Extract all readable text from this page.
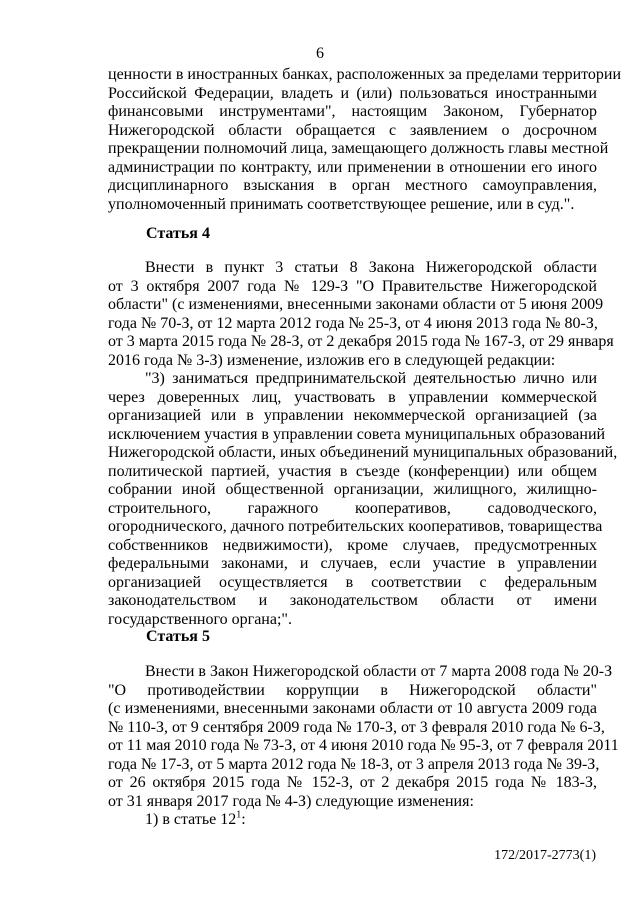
6
ценности в иностранных банках, расположенных за пределами территории
Российской Федерации, владеть и (или) пользоваться иностранными
финансовыми инструментами", настоящим Законом, Губернатор
Нижегородской области обращается с заявлением о досрочном
прекращении полномочий лица, замещающего должность главы местной
администрации по контракту, или применении в отношении его иного
дисциплинарного взыскания в орган местного самоуправления,
уполномоченный принимать соответствующее решение, или в суд.".
Статья 4
Внести в пункт 3 статьи 8 Закона Нижегородской области
от 3 октября 2007 года № 129-З "О Правительстве Нижегородской
области" (с изменениями, внесенными законами области от 5 июня 2009
года № 70-З, от 12 марта 2012 года № 25-З, от 4 июня 2013 года № 80-З,
от 3 марта 2015 года № 28-З, от 2 декабря 2015 года № 167-З, от 29 января
2016 года № 3-З) изменение, изложив его в следующей редакции:
"3) заниматься предпринимательской деятельностью лично или
через доверенных лиц, участвовать в управлении коммерческой
организацией или в управлении некоммерческой организацией (за
исключением участия в управлении совета муниципальных образований
Нижегородской области, иных объединений муниципальных образований,
политической партией, участия в съезде (конференции) или общем
собрании иной общественной организации, жилищного, жилищно-
строительного, гаражного кооперативов, садоводческого,
огороднического, дачного потребительских кооперативов, товарищества
собственников недвижимости), кроме случаев, предусмотренных
федеральными законами, и случаев, если участие в управлении
организацией осуществляется в соответствии с федеральным
законодательством и законодательством области от имени
государственного органа;".
Статья 5
Внести в Закон Нижегородской области от 7 марта 2008 года № 20-З
"О противодействии коррупции в Нижегородской области"
(с изменениями, внесенными законами области от 10 августа 2009 года
№ 110-З, от 9 сентября 2009 года № 170-З, от 3 февраля 2010 года № 6-З,
от 11 мая 2010 года № 73-З, от 4 июня 2010 года № 95-З, от 7 февраля 2011
года № 17-З, от 5 марта 2012 года № 18-З, от 3 апреля 2013 года № 39-З,
от 26 октября 2015 года № 152-З, от 2 декабря 2015 года № 183-З,
от 31 января 2017 года № 4-З) следующие изменения:
1) в статье $12^1$:
172/2017-2773(1)
